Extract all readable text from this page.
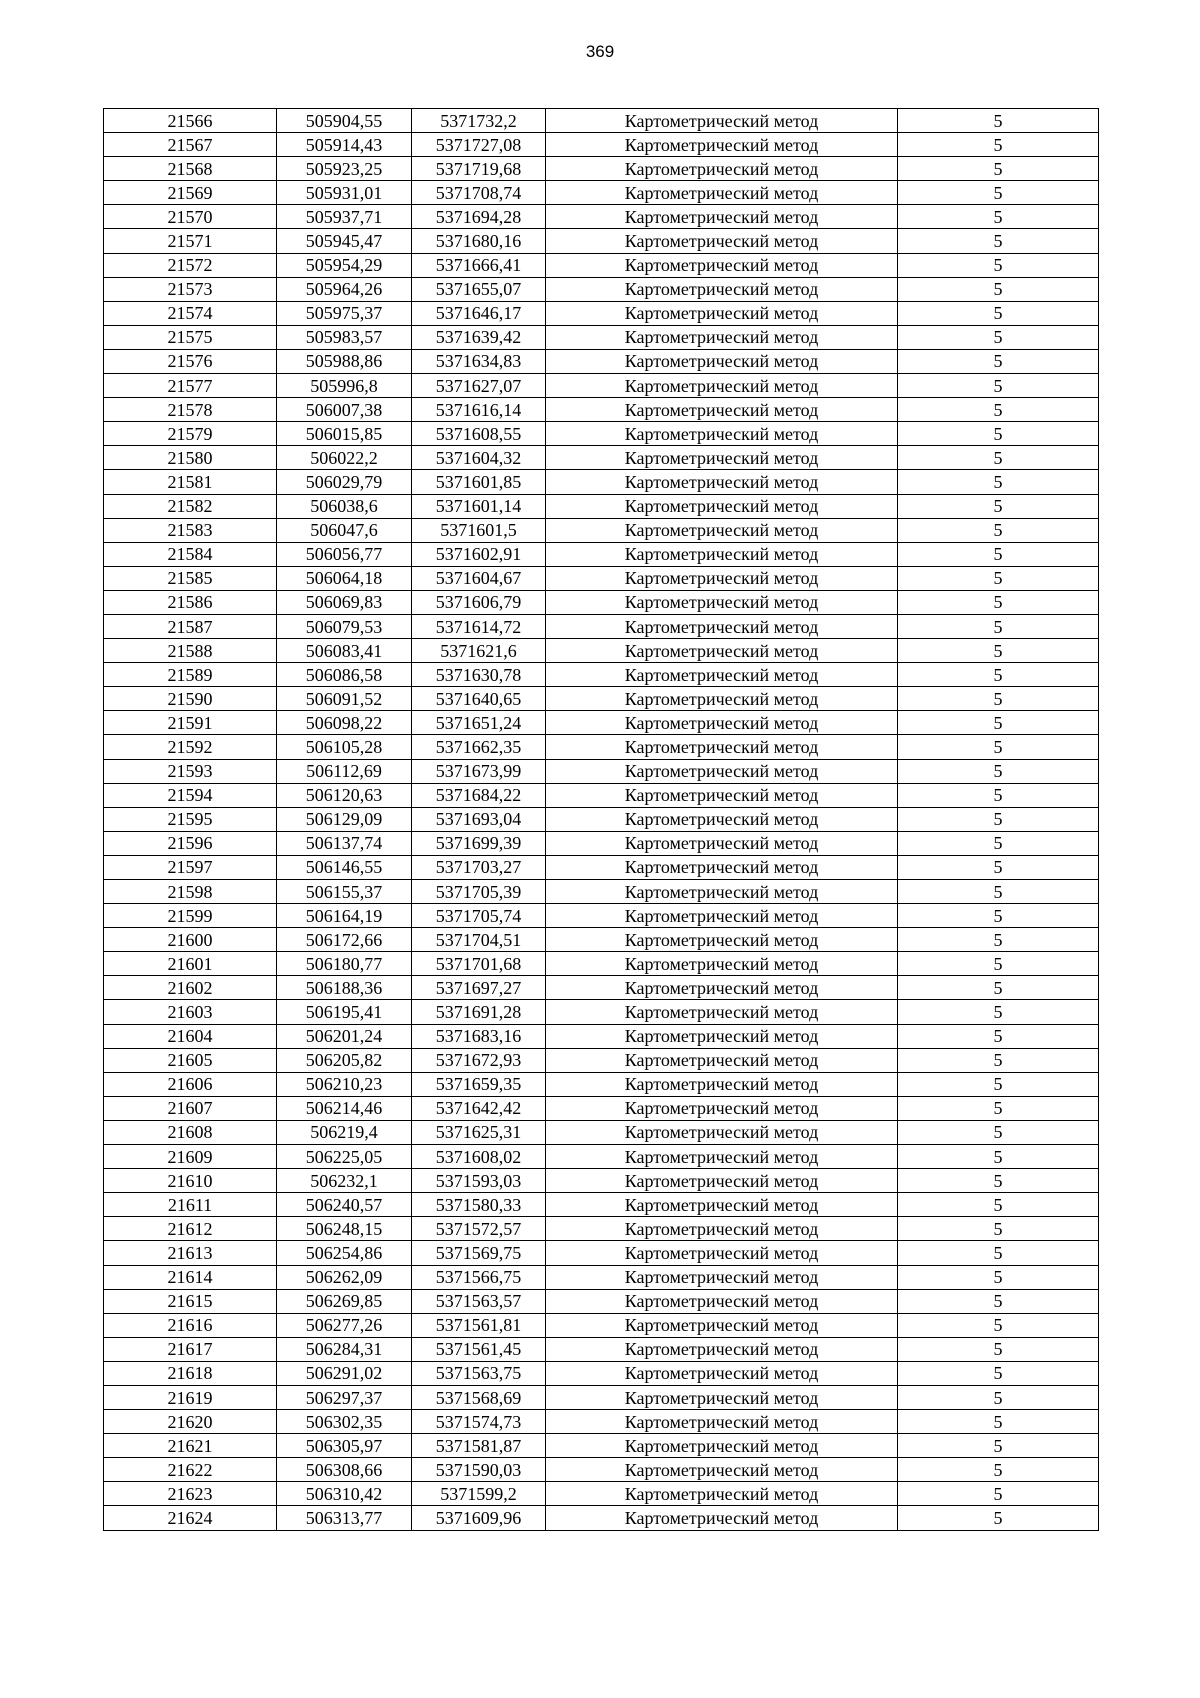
369
21566	505904,55	5371732,2	Картометрический метод	5
21567	505914,43	5371727,08	Картометрический метод	5
21568	505923,25	5371719,68	Картометрический метод	5
21569	505931,01	5371708,74	Картометрический метод	5
21570	505937,71	5371694,28	Картометрический метод	5
21571	505945,47	5371680,16	Картометрический метод	5
21572	505954,29	5371666,41	Картометрический метод	5
21573	505964,26	5371655,07	Картометрический метод	5
21574	505975,37	5371646,17	Картометрический метод	5
21575	505983,57	5371639,42	Картометрический метод	5
21576	505988,86	5371634,83	Картометрический метод	5
21577	505996,8	5371627,07	Картометрический метод	5
21578	506007,38	5371616,14	Картометрический метод	5
21579	506015,85	5371608,55	Картометрический метод	5
21580	506022,2	5371604,32	Картометрический метод	5
21581	506029,79	5371601,85	Картометрический метод	5
21582	506038,6	5371601,14	Картометрический метод	5
21583	506047,6	5371601,5	Картометрический метод	5
21584	506056,77	5371602,91	Картометрический метод	5
21585	506064,18	5371604,67	Картометрический метод	5
21586	506069,83	5371606,79	Картометрический метод	5
21587	506079,53	5371614,72	Картометрический метод	5
21588	506083,41	5371621,6	Картометрический метод	5
21589	506086,58	5371630,78	Картометрический метод	5
21590	506091,52	5371640,65	Картометрический метод	5
21591	506098,22	5371651,24	Картометрический метод	5
21592	506105,28	5371662,35	Картометрический метод	5
21593	506112,69	5371673,99	Картометрический метод	5
21594	506120,63	5371684,22	Картометрический метод	5
21595	506129,09	5371693,04	Картометрический метод	5
21596	506137,74	5371699,39	Картометрический метод	5
21597	506146,55	5371703,27	Картометрический метод	5
21598	506155,37	5371705,39	Картометрический метод	5
21599	506164,19	5371705,74	Картометрический метод	5
21600	506172,66	5371704,51	Картометрический метод	5
21601	506180,77	5371701,68	Картометрический метод	5
21602	506188,36	5371697,27	Картометрический метод	5
21603	506195,41	5371691,28	Картометрический метод	5
21604	506201,24	5371683,16	Картометрический метод	5
21605	506205,82	5371672,93	Картометрический метод	5
21606	506210,23	5371659,35	Картометрический метод	5
21607	506214,46	5371642,42	Картометрический метод	5
21608	506219,4	5371625,31	Картометрический метод	5
21609	506225,05	5371608,02	Картометрический метод	5
21610	506232,1	5371593,03	Картометрический метод	5
21611	506240,57	5371580,33	Картометрический метод	5
21612	506248,15	5371572,57	Картометрический метод	5
21613	506254,86	5371569,75	Картометрический метод	5
21614	506262,09	5371566,75	Картометрический метод	5
21615	506269,85	5371563,57	Картометрический метод	5
21616	506277,26	5371561,81	Картометрический метод	5
21617	506284,31	5371561,45	Картометрический метод	5
21618	506291,02	5371563,75	Картометрический метод	5
21619	506297,37	5371568,69	Картометрический метод	5
21620	506302,35	5371574,73	Картометрический метод	5
21621	506305,97	5371581,87	Картометрический метод	5
21622	506308,66	5371590,03	Картометрический метод	5
21623	506310,42	5371599,2	Картометрический метод	5
21624	506313,77	5371609,96	Картометрический метод	5
